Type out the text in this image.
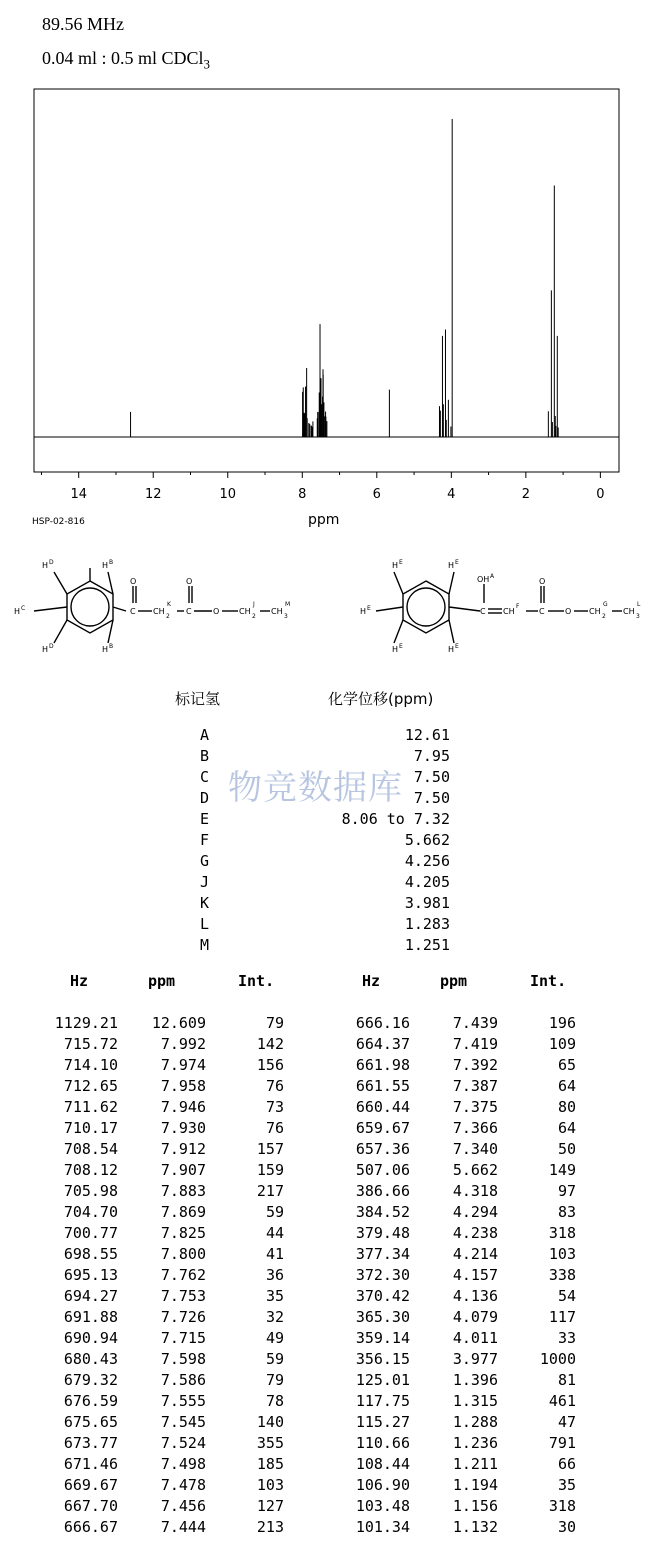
89.56 MHz
0.04 ml : 0.5 ml CDCl$_3$
14	12	10	8	6	4	2	0
HSP-02-816	ppm
H D	H B
H C
H D	H B
O
C CH
2
K
O
C	O CH
2
J
CH
3
M
H E	H E
H E
H E	H E
OH A
C CH
F
O
C	O CH
2
G
CH
3
L
标记氢	化学位移(ppm)
A	12.61
B	7.95
C	7.50
D	7.50
E	8.06 to 7.32
F	5.662
G	4.256
J	4.205
K	3.981
L	1.283
M	1.251
物竞数据库
Hz	ppm	Int.
1129.21	12.609	79
715.72	7.992	142
714.10	7.974	156
712.65	7.958	76
711.62	7.946	73
710.17	7.930	76
708.54	7.912	157
708.12	7.907	159
705.98	7.883	217
704.70	7.869	59
700.77	7.825	44
698.55	7.800	41
695.13	7.762	36
694.27	7.753	35
691.88	7.726	32
690.94	7.715	49
680.43	7.598	59
679.32	7.586	79
676.59	7.555	78
675.65	7.545	140
673.77	7.524	355
671.46	7.498	185
669.67	7.478	103
667.70	7.456	127
666.67	7.444	213
Hz	ppm	Int.
666.16	7.439	196
664.37	7.419	109
661.98	7.392	65
661.55	7.387	64
660.44	7.375	80
659.67	7.366	64
657.36	7.340	50
507.06	5.662	149
386.66	4.318	97
384.52	4.294	83
379.48	4.238	318
377.34	4.214	103
372.30	4.157	338
370.42	4.136	54
365.30	4.079	117
359.14	4.011	33
356.15	3.977	1000
125.01	1.396	81
117.75	1.315	461
115.27	1.288	47
110.66	1.236	791
108.44	1.211	66
106.90	1.194	35
103.48	1.156	318
101.34	1.132	30
